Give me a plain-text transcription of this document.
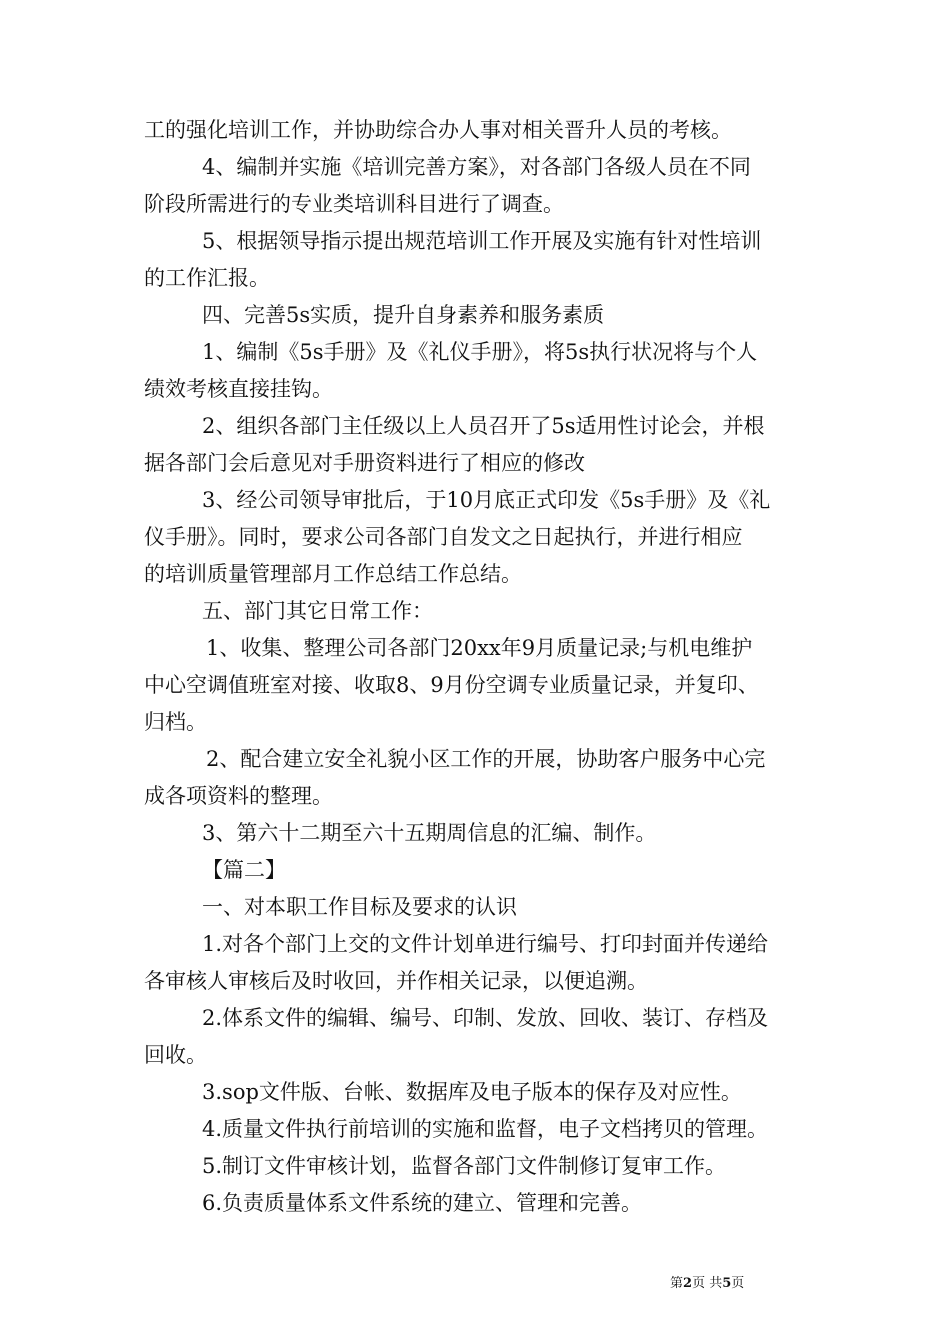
工的强化培训工作，并协助综合办人事对相关晋升人员的考核。
4、编制并实施《培训完善方案》，对各部门各级人员在不同
阶段所需进行的专业类培训科目进行了调查。
5、根据领导指示提出规范培训工作开展及实施有针对性培训
的工作汇报。
四、完善5s实质，提升自身素养和服务素质
1、编制《5s手册》及《礼仪手册》，将5s执行状况将与个人
绩效考核直接挂钩。
2、组织各部门主任级以上人员召开了5s适用性讨论会，并根
据各部门会后意见对手册资料进行了相应的修改
3、经公司领导审批后，于10月底正式印发《5s手册》及《礼
仪手册》。同时，要求公司各部门自发文之日起执行，并进行相应
的培训质量管理部月工作总结工作总结。
五、部门其它日常工作：
1、收集、整理公司各部门20xx年9月质量记录;与机电维护
中心空调值班室对接、收取8、9月份空调专业质量记录，并复印、
归档。
2、配合建立安全礼貌小区工作的开展，协助客户服务中心完
成各项资料的整理。
3、第六十二期至六十五期周信息的汇编、制作。
【篇二】
一、对本职工作目标及要求的认识
1.对各个部门上交的文件计划单进行编号、打印封面并传递给
各审核人审核后及时收回，并作相关记录，以便追溯。
2.体系文件的编辑、编号、印制、发放、回收、装订、存档及
回收。
3.sop文件版、台帐、数据库及电子版本的保存及对应性。
4.质量文件执行前培训的实施和监督，电子文档拷贝的管理。
5.制订文件审核计划，监督各部门文件制修订复审工作。
6.负责质量体系文件系统的建立、管理和完善。
第2页 共5页
